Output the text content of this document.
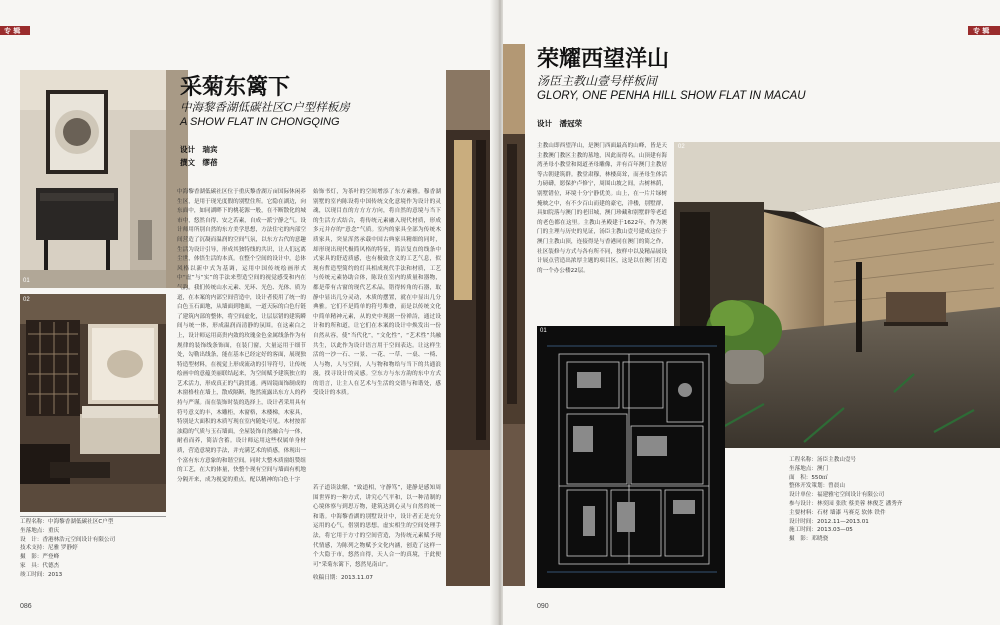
专 辑
01
02
采菊东篱下
中海黎香湖低碳社区C户型样板房
A SHOW FLAT IN CHONGQING
设计　瑞宾
撰文　缪蓓
中海黎香湖低碳社区位于重庆黎香湖万亩国际休闲养生区，是用于现光度假的别墅住所。它隐在湖边，向东面中，如同湖畔下的桃花源一般，在不断散化的城市中，悠然自得、安之若素，自成一派宁静之气。设计师用所别自然的东方美学思想，方法住宅的内部空间营造了沉凝而温润的空间气氛，以东方古代的意趣生活为设计引导，形成其独特线的共识，让人们远离尘世，体悟生活的本真。在整个空间的设计中，总体风格以新中式为基调，运用中国传统绘画形式中“虚”与“实”的手法来塑造空间的视觉感受和内在气韵。我们传统山水元素、光环、光色、光体、质为道，在本案的内部空间营造中，设计者使用了统一的白色玉石面地，从墙面到地面，一道天际的白色行链了建筑内部的整体，将空间虚化，让层层错的建筑瞬间与统一体，形成温润而清静的氛围。在这素白之上，设计师运用高贵内敛的玫瑰金色金属线条作为有规律的装饰线条饰面，在装门窗，大量运用于细节处，勾勒出线条，能在基本已经定好的客面，展现独特造型材料，在视觉上形成流动的引导符号，让传统绘画中的意蕴美丽联结起来，为空间赋予建筑独立的艺术活力，形成真正的气韵贯通。两周镜面饰制成的木窗格柱在墙上，散成隔断，饱然流露出东方人的矜持与严谨。而在装饰时装的选择上，设计者采用具有符号意义的丰，木雕柜，木窗格，木楼梯，木家具，特别是大面积的木质写现在室内随处可见。木材按浑浊稳的气质与玉石墙面，全屋装饰自然融合与一体，耐看而养，简洁含蓄。设计师运用这些权属单身材质，营造意境的手法，并充满艺术的质感，体现出一个富有东方意象的和谐空间。同时大整木质窗组赞组的工艺，在大的体量，快整个现有空间与墙面有机地分隔开来，成为视觉的重点，配以精神的白色十字
始饰书灯，为茶叶的空间增添了东方素雅。穆香湖别墅的室内陈设将中国传统文化意境作为设计的灵魂，以现目直的方方方方向，将自然的意境与当下的生活方式结合，将传统元素融入现代材质，形成多元并存的“意念”气质。室内的家具全部为传统木质家具，突显浑然承载中国古典家具精细的同时，却形现出现代极简风格的特征，简洁复直的线条中式家具的舒适质感，也有极致含义的工艺气息，似现有哲造型简约的灯具相成现代手法和材质，工艺与传统元素协助合体，陈设在室内的质量和器物，都是带有古窗的现代艺术品，错得转角的石器，取静中显出几分灵动，木质的摆置，就在中显出几分典雅。它们不是简单的符号堆叠，而是以传统文化中简单精神元素，从的史中现据一份禅詩，通过设计和的所和道，让它们在本案的设计中焕发出一份自然从容，使“当代化”，“文化性”，“艺术性”共融共生，以此作为设计语言用于空间表达。让这样生活的一沙一石、一景、一花、一草、一桌、一椅、人与物，人与空间，人与物和物给与当下的共通浪漫，找寻设计的灵感。空东方与东方韵的东中方式的语言，让主人在艺术与生活的交错与和谐处，感受设计的本质。
若子道读法解，“致道相，守静笃”，建静是感知周围世界的一种方式，讲究心气平和，以一种清制的心境体察与到思万物，建筑达到心灵与自然的统一和谐。中海黎香湖的别墅设计中，设计者正是充分运用的心气，借别的思想，虚实相生的空间处理手法，将它用于方寸的空间营造，为传统元素赋予现代情感，为陈列之物赋予文化内涵，创造了这样一个大隐于市，悠然自得，天人合一的真境，于此便可“采菊东篱下，悠然见南山”。
收稿日期：2013.11.07
工程名称：中海黎香湖低碳社区C户型
坐落地点：重庆
设　计：香港林浩元空间设计有限公司
技术支持：尼雅 罗静婷
摄　影：严登峰
家　具：代德杰
竣工时间：2013
086
专 辑
荣耀西望洋山
汤臣主教山壹号样板间
GLORY, ONE PENHA HILL SHOW FLAT IN MACAU
设计　潘冠荣
主教山即西望洋山，是澳门西面最高的山峰，皆是天主教澳门教区主教的墓地，因此而得名。山顶建有海湾圣母小教堂和阅道圣母雕像，并有百年澳门主教居等古朝建筑群。教堂肃穆，林楼高耸，而圣母生体活力磅礴，愿保护卢修宁，周围山坡之间，古树林荫，别墅错位，环境十分宁静优美。山上，在一片片绿树掩映之中，有不少百山而建的豪宅，洋楼，别墅群，具如院落与澳门的老旧城，澳门珍藏和别墅群等老道的老色都在这里。主教山圣殿建于1622年，作为澳门的主理与历史的见证，汤臣主教山壹号建成这位于澳门主教山顶，连接得是与香港同在澳门的简之作，社区装修与方式与各有所不同，按样中以及精品展设计展点营造出浓厚主题的项目区，这是以在澳门打造的一个办公楼22层。
02
01
工程名称：汤臣主教山壹号
坐落地点：澳门
面　积：550㎡
整体开发策划：曾晨山
设计单位：福建雅宅空间设计有限公司
参与设计：林奕园 张欣 蔡美蓉 林俊芝 潘秀齐
主要材料：石材 墙漆 马赛克 软体 铁件
设计时间：2012.11—2013.01
施工时间：2013.03—05
摄　影：邓晓骁
090
